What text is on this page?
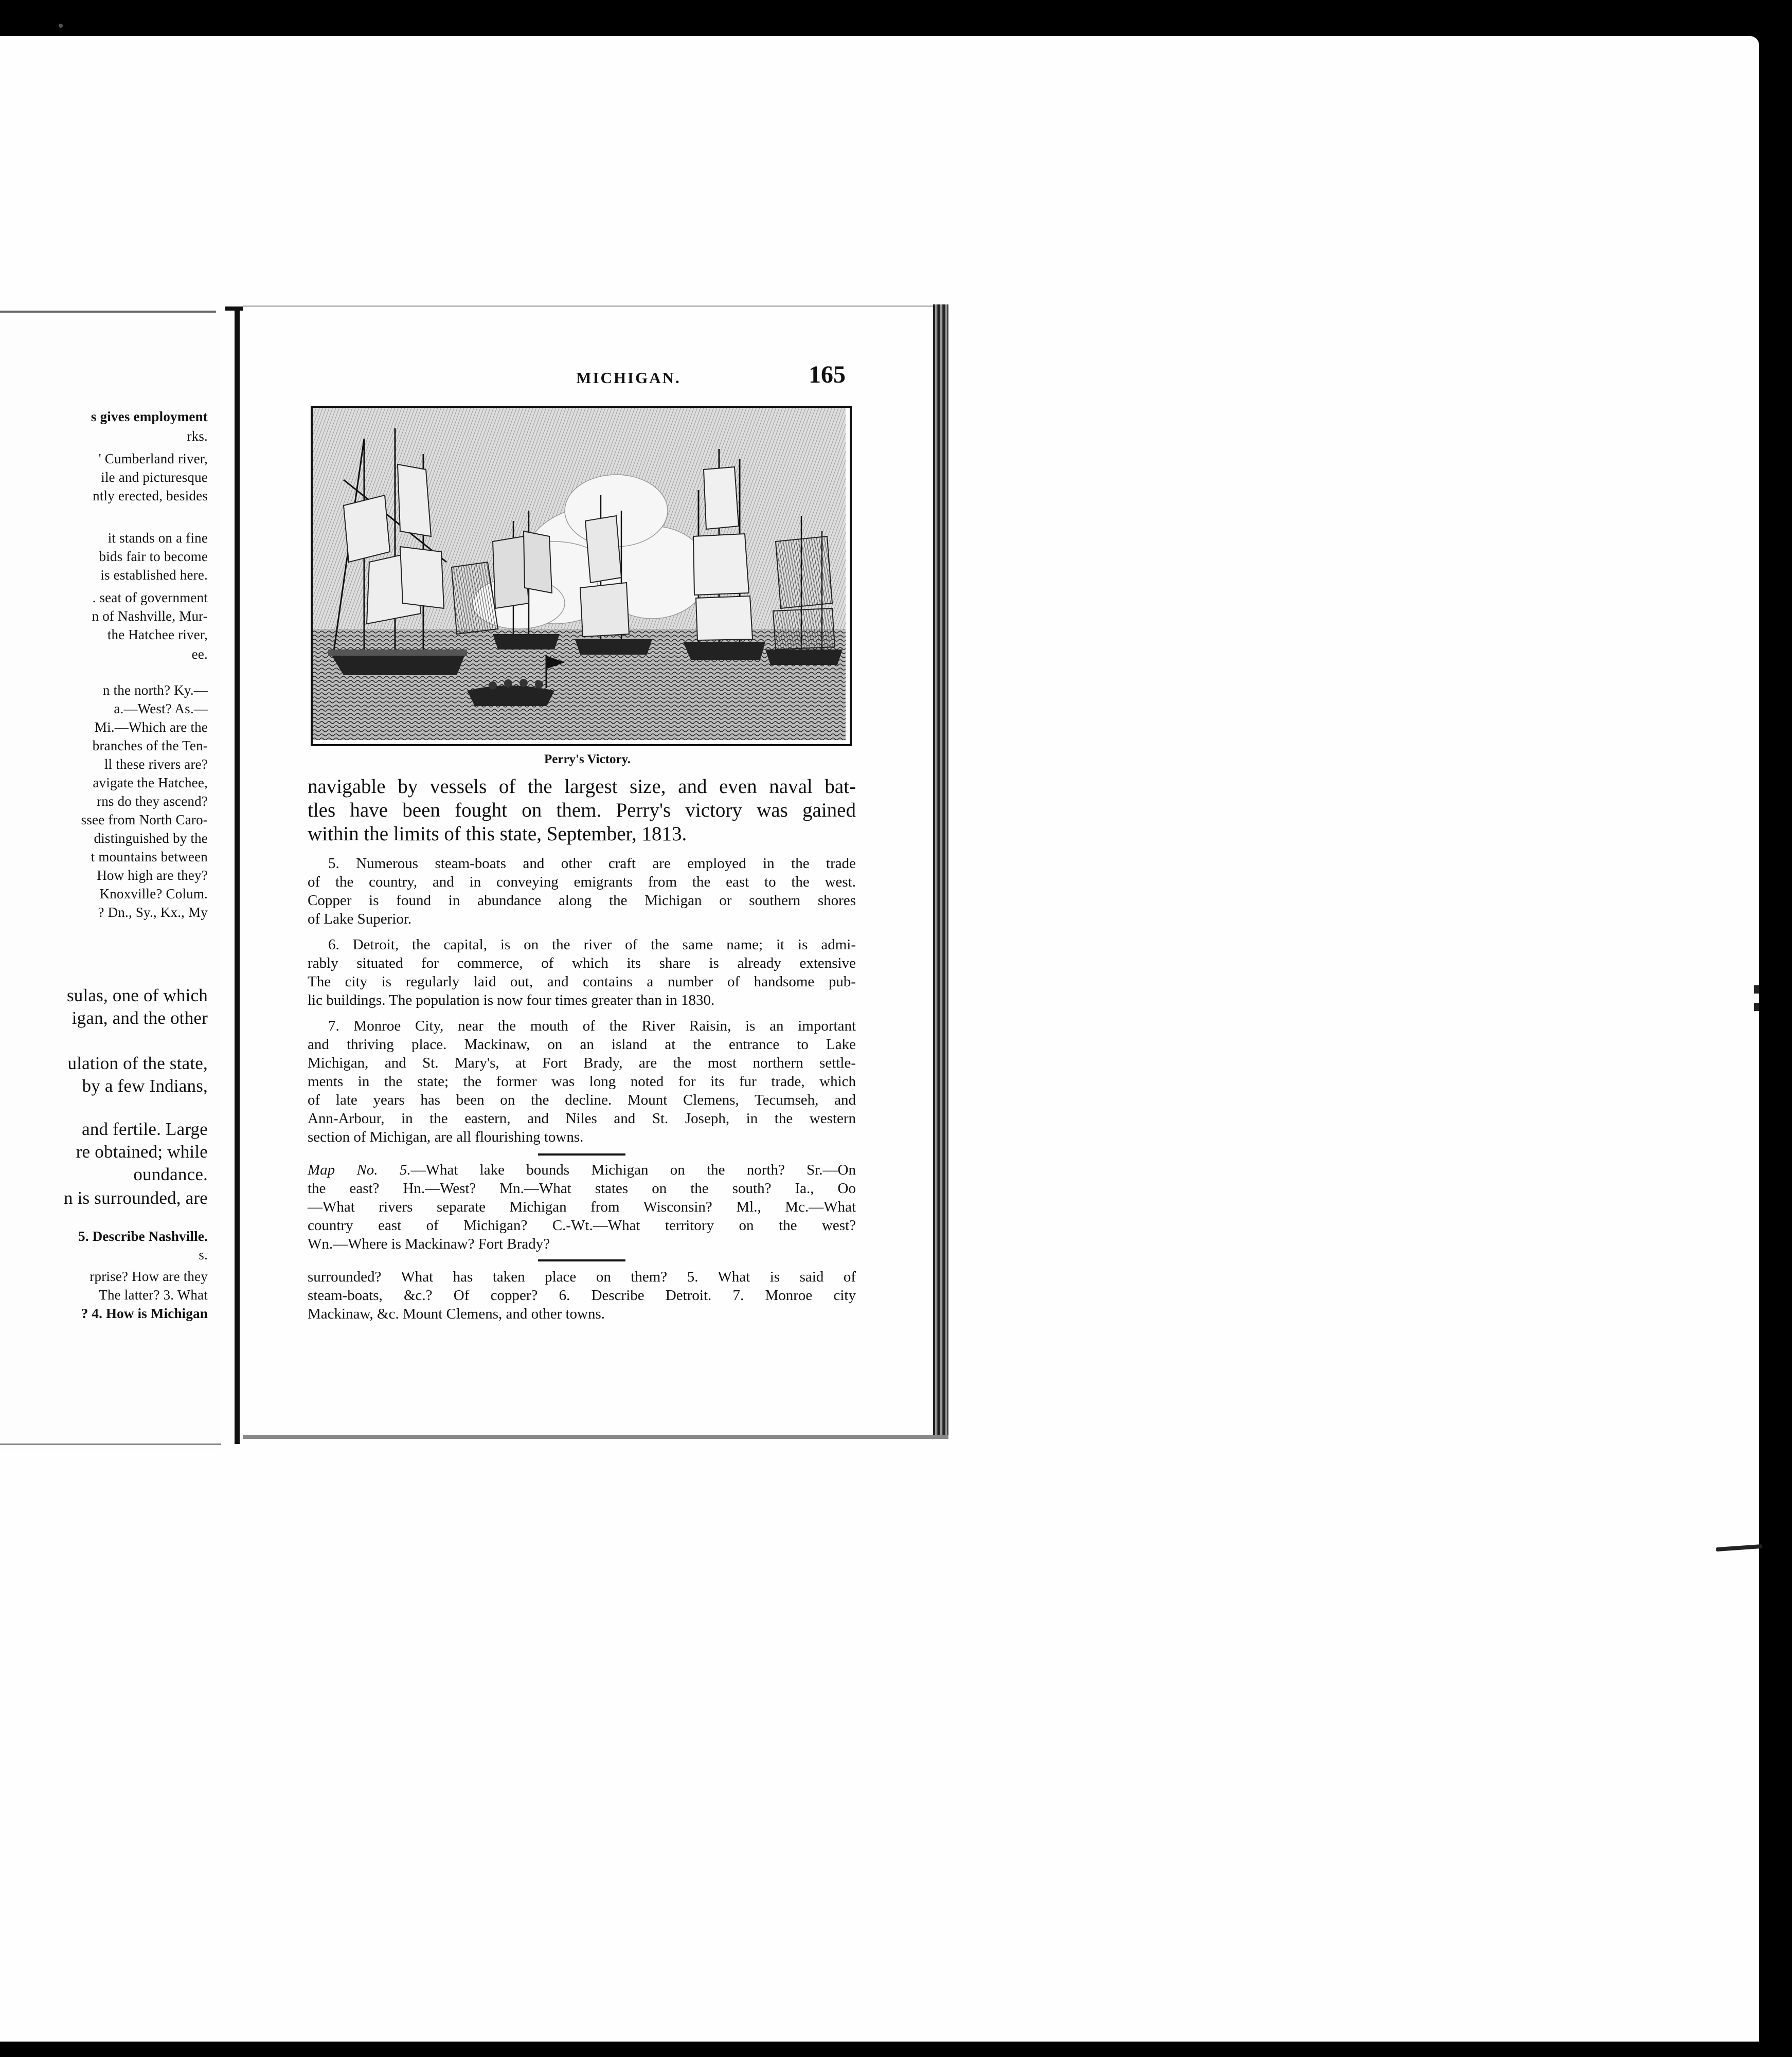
s gives employment
rks.
' Cumberland river,
ile and picturesque
ntly erected, besides
it stands on a fine
bids fair to become
is established here.
. seat of government
n of Nashville, Mur-
the Hatchee river,
ee.
n the north? Ky.—
a.—West? As.—
Mi.—Which are the
branches of the Ten-
ll these rivers are?
avigate the Hatchee,
rns do they ascend?
ssee from North Caro-
distinguished by the
t mountains between
How high are they?
Knoxville? Colum.
? Dn., Sy., Kx., My
sulas, one of which
igan, and the other
ulation of the state,
by a few Indians,
and fertile. Large
re obtained; while
oundance.
n is surrounded, are
5. Describe Nashville.
s.
rprise? How are they
The latter? 3. What
? 4. How is Michigan
MICHIGAN.	165
Perry's Victory.
navigable by vessels of the largest size, and even naval bat-
tles have been fought on them. Perry's victory was gained
within the limits of this state, September, 1813.
5. Numerous steam-boats and other craft are employed in the trade
of the country, and in conveying emigrants from the east to the west.
Copper is found in abundance along the Michigan or southern shores
of Lake Superior.
6. Detroit, the capital, is on the river of the same name; it is admi-
rably situated for commerce, of which its share is already extensive
The city is regularly laid out, and contains a number of handsome pub-
lic buildings. The population is now four times greater than in 1830.
7. Monroe City, near the mouth of the River Raisin, is an important
and thriving place. Mackinaw, on an island at the entrance to Lake
Michigan, and St. Mary's, at Fort Brady, are the most northern settle-
ments in the state; the former was long noted for its fur trade, which
of late years has been on the decline. Mount Clemens, Tecumseh, and
Ann-Arbour, in the eastern, and Niles and St. Joseph, in the western
section of Michigan, are all flourishing towns.
Map No. 5.—What lake bounds Michigan on the north? Sr.—On
the east? Hn.—West? Mn.—What states on the south? Ia., Oo
—What rivers separate Michigan from Wisconsin? Ml., Mc.—What
country east of Michigan? C.-Wt.—What territory on the west?
Wn.—Where is Mackinaw? Fort Brady?
surrounded? What has taken place on them? 5. What is said of
steam-boats, &c.? Of copper? 6. Describe Detroit. 7. Monroe city
Mackinaw, &c. Mount Clemens, and other towns.
